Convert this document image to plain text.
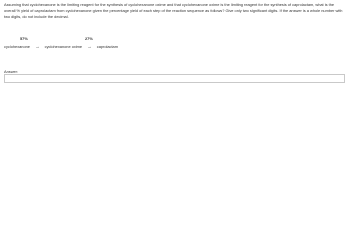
Assuming that cyclohexanone is the limiting reagent for the synthesis of cyclohexanone oxime and that cyclohexanone oxime is the limiting reagent for the synthesis of caprolactam, what is the overall % yield of caprolactam from cyclohexanone given the percentage yield of each step of the reaction sequence as follows? Give only two significant digits. If the answer is a whole number with two digits, do not include the decimal.
57%	27%
cyclohexanone → cyclohexanone oxime → caprolactam
Answer:
